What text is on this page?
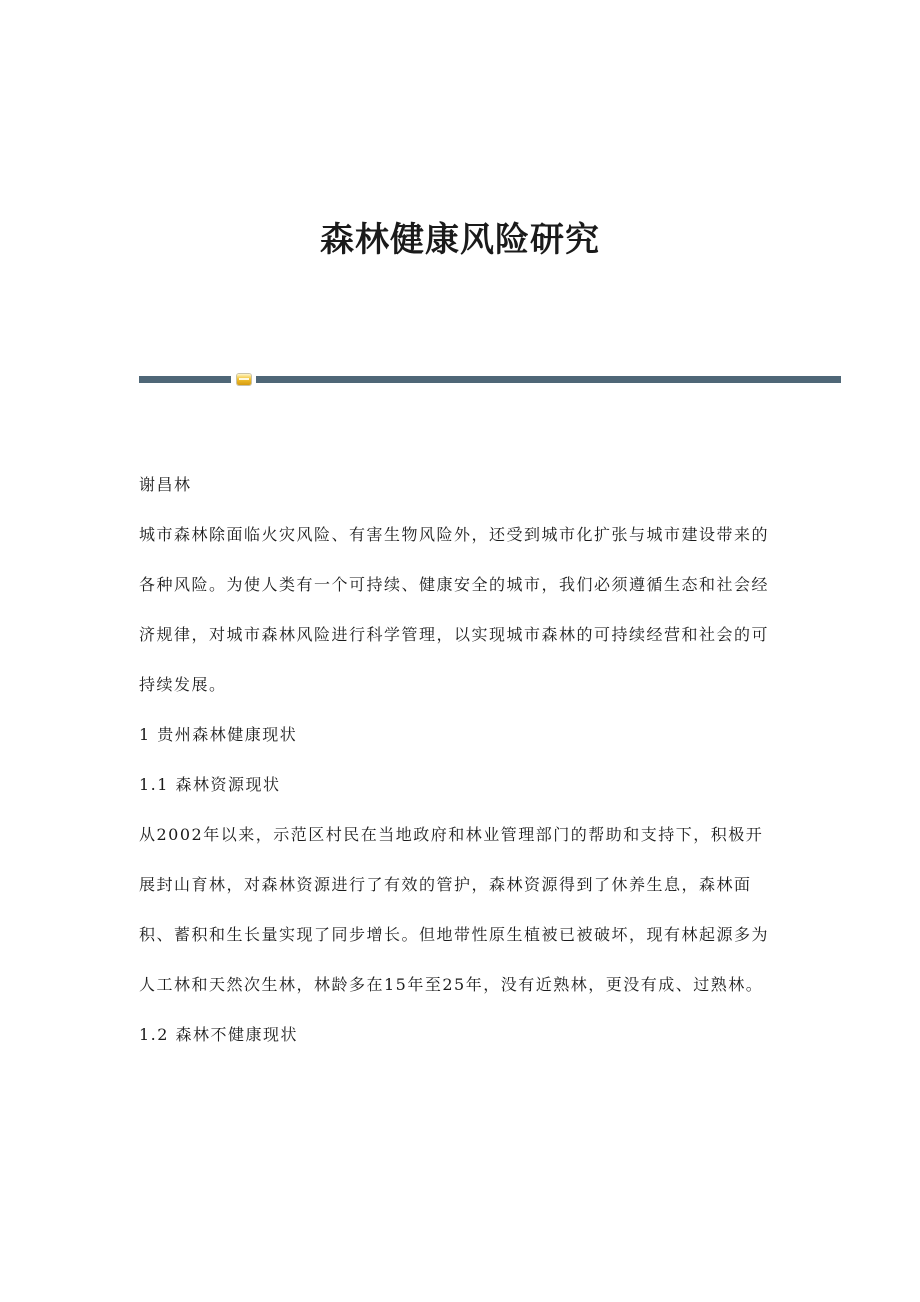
森林健康风险研究

谢昌林

城市森林除面临火灾风险、有害生物风险外，还受到城市化扩张与城市建设带来的各种风险。为使人类有一个可持续、健康安全的城市，我们必须遵循生态和社会经济规律，对城市森林风险进行科学管理，以实现城市森林的可持续经营和社会的可持续发展。

1 贵州森林健康现状

1.1 森林资源现状

从2002年以来，示范区村民在当地政府和林业管理部门的帮助和支持下，积极开展封山育林，对森林资源进行了有效的管护，森林资源得到了休养生息，森林面积、蓄积和生长量实现了同步增长。但地带性原生植被已被破坏，现有林起源多为人工林和天然次生林，林龄多在15年至25年，没有近熟林，更没有成、过熟林。

1.2 森林不健康现状
